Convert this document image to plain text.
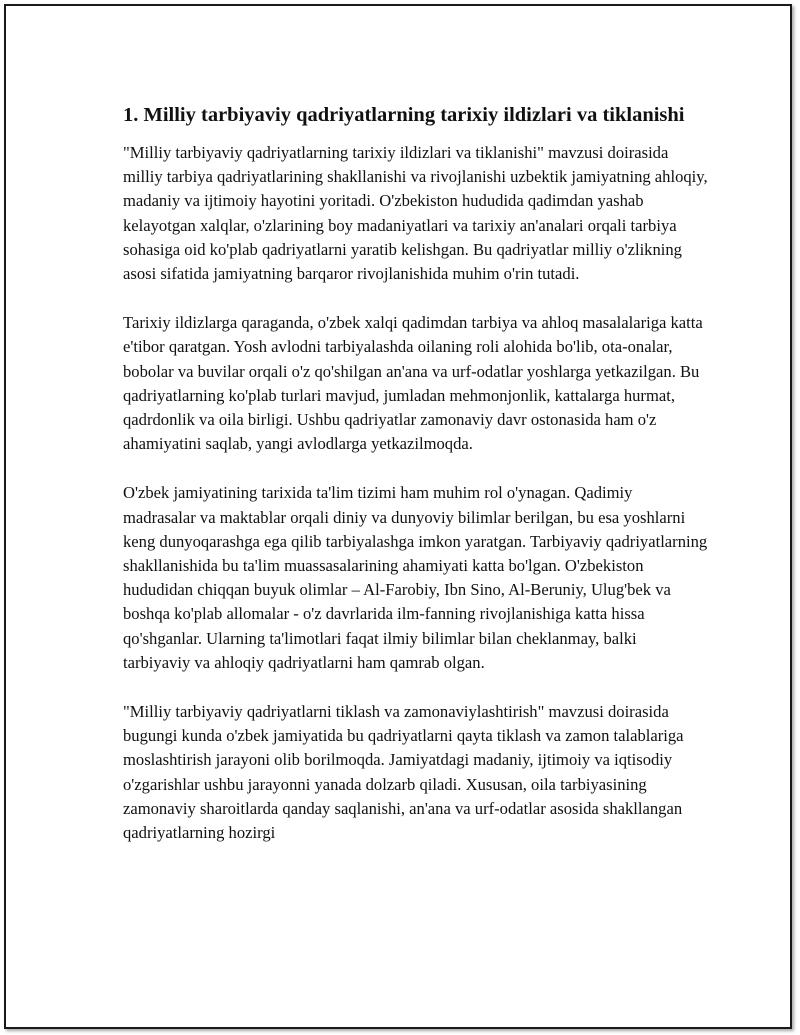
1. Milliy tarbiyaviy qadriyatlarning tarixiy ildizlari va tiklanishi

"Milliy tarbiyaviy qadriyatlarning tarixiy ildizlari va tiklanishi" mavzusi doirasida milliy tarbiya qadriyatlarining shakllanishi va rivojlanishi uzbektik jamiyatning ahloqiy, madaniy va ijtimoiy hayotini yoritadi. O'zbekiston hududida qadimdan yashab kelayotgan xalqlar, o'zlarining boy madaniyatlari va tarixiy an'analari orqali tarbiya sohasiga oid ko'plab qadriyatlarni yaratib kelishgan. Bu qadriyatlar milliy o'zlikning asosi sifatida jamiyatning barqaror rivojlanishida muhim o'rin tutadi.

Tarixiy ildizlarga qaraganda, o'zbek xalqi qadimdan tarbiya va ahloq masalalariga katta e'tibor qaratgan. Yosh avlodni tarbiyalashda oilaning roli alohida bo'lib, ota-onalar, bobolar va buvilar orqali o'z qo'shilgan an'ana va urf-odatlar yoshlarga yetkazilgan. Bu qadriyatlarning ko'plab turlari mavjud, jumladan mehmonjonlik, kattalarga hurmat, qadrdonlik va oila birligi. Ushbu qadriyatlar zamonaviy davr ostonasida ham o'z ahamiyatini saqlab, yangi avlodlarga yetkazilmoqda.

O'zbek jamiyatining tarixida ta'lim tizimi ham muhim rol o'ynagan. Qadimiy madrasalar va maktablar orqali diniy va dunyoviy bilimlar berilgan, bu esa yoshlarni keng dunyoqarashga ega qilib tarbiyalashga imkon yaratgan. Tarbiyaviy qadriyatlarning shakllanishida bu ta'lim muassasalarining ahamiyati katta bo'lgan. O'zbekiston hududidan chiqqan buyuk olimlar – Al-Farobiy, Ibn Sino, Al-Beruniy, Ulug'bek va boshqa ko'plab allomalar - o'z davrlarida ilm-fanning rivojlanishiga katta hissa qo'shganlar. Ularning ta'limotlari faqat ilmiy bilimlar bilan cheklanmay, balki tarbiyaviy va ahloqiy qadriyatlarni ham qamrab olgan.

"Milliy tarbiyaviy qadriyatlarni tiklash va zamonaviylashtirish" mavzusi doirasida bugungi kunda o'zbek jamiyatida bu qadriyatlarni qayta tiklash va zamon talablariga moslashtirish jarayoni olib borilmoqda. Jamiyatdagi madaniy, ijtimoiy va iqtisodiy o'zgarishlar ushbu jarayonni yanada dolzarb qiladi. Xususan, oila tarbiyasining zamonaviy sharoitlarda qanday saqlanishi, an'ana va urf-odatlar asosida shakllangan qadriyatlarning hozirgi
